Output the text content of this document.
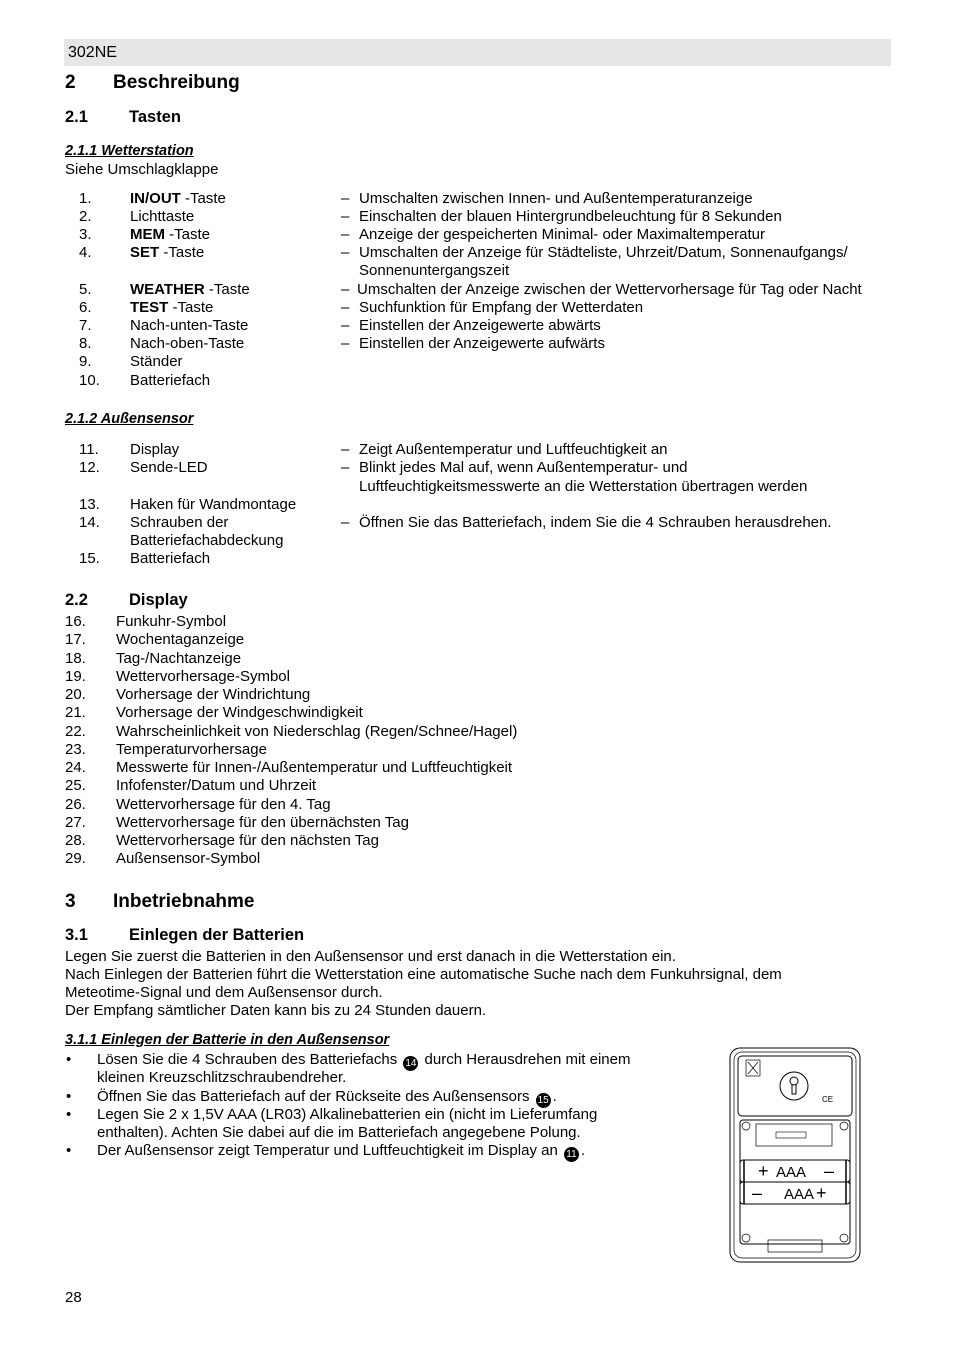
302NE
2 Beschreibung
2.1 Tasten
2.1.1 Wetterstation
Siehe Umschlagklappe
1.	IN/OUT -Taste	– Umschalten zwischen Innen- und Außentemperaturanzeige
2.	Lichttaste	– Einschalten der blauen Hintergrundbeleuchtung für 8 Sekunden
3.	MEM -Taste	– Anzeige der gespeicherten Minimal- oder Maximaltemperatur
4.	SET -Taste	– Umschalten der Anzeige für Städteliste, Uhrzeit/Datum, Sonnenaufgangs/
Sonnenuntergangszeit
5.	WEATHER -Taste	– Umschalten der Anzeige zwischen der Wettervorhersage für Tag oder Nacht
6.	TEST -Taste	– Suchfunktion für Empfang der Wetterdaten
7.	Nach-unten-Taste	– Einstellen der Anzeigewerte abwärts
8.	Nach-oben-Taste	– Einstellen der Anzeigewerte aufwärts
9.	Ständer
10. Batteriefach
2.1.2 Außensensor
11. Display	– Zeigt Außentemperatur und Luftfeuchtigkeit an
12. Sende-LED	– Blinkt jedes Mal auf, wenn Außentemperatur- und
Luftfeuchtigkeitsmesswerte an die Wetterstation übertragen werden
13. Haken für Wandmontage
14. Schrauben der
Batteriefachabdeckung
– Öffnen Sie das Batteriefach, indem Sie die 4 Schrauben herausdrehen.
15. Batteriefach
2.2 Display
16. Funkuhr-Symbol
17. Wochentaganzeige
18. Tag-/Nachtanzeige
19. Wettervorhersage-Symbol
20. Vorhersage der Windrichtung
21. Vorhersage der Windgeschwindigkeit
22. Wahrscheinlichkeit von Niederschlag (Regen/Schnee/Hagel)
23. Temperaturvorhersage
24. Messwerte für Innen-/Außentemperatur und Luftfeuchtigkeit
25. Infofenster/Datum und Uhrzeit
26. Wettervorhersage für den 4. Tag
27. Wettervorhersage für den übernächsten Tag
28. Wettervorhersage für den nächsten Tag
29. Außensensor-Symbol
3 Inbetriebnahme
3.1 Einlegen der Batterien
Legen Sie zuerst die Batterien in den Außensensor und erst danach in die Wetterstation ein.
Nach Einlegen der Batterien führt die Wetterstation eine automatische Suche nach dem Funkuhrsignal, dem
Meteotime-Signal und dem Außensensor durch.
Der Empfang sämtlicher Daten kann bis zu 24 Stunden dauern.
3.1.1 Einlegen der Batterie in den Außensensor
• Lösen Sie die 4 Schrauben des Batteriefachs 14 durch Herausdrehen mit einem
kleinen Kreuzschlitzschraubendreher.
• Öffnen Sie das Batteriefach auf der Rückseite des Außensensors 15 .
• Legen Sie 2 x 1,5V AAA (LR03) Alkalinebatterien ein (nicht im Lieferumfang
enthalten). Achten Sie dabei auf die im Batteriefach angegebene Polung.
• Der Außensensor zeigt Temperatur und Luftfeuchtigkeit im Display an 11 .
+ AAA –
– AAA +
CE
28
